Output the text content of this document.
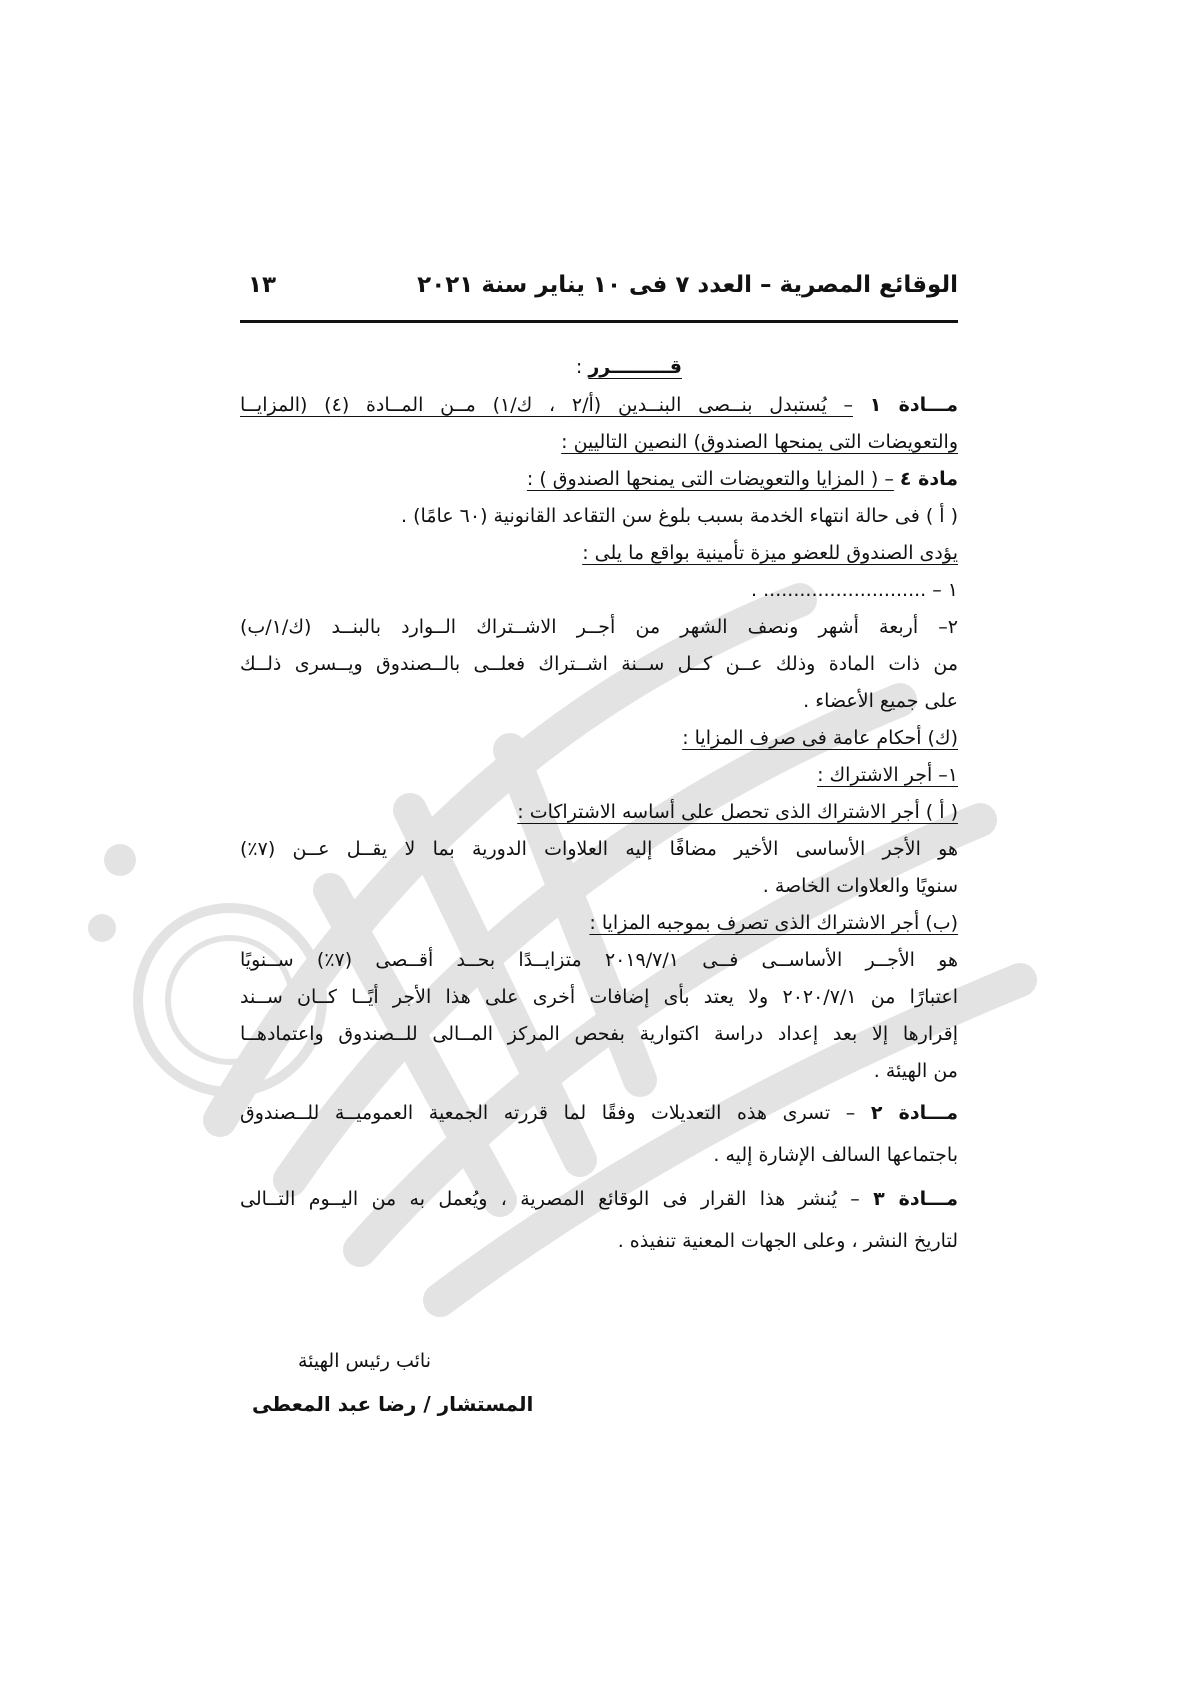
الوقائع المصرية – العدد ٧ فى ١٠ يناير سنة ٢٠٢١
١٣
قـــــــــرر :
مـــادة ١ – يُستبدل بنــصى البنــدين (أ/٢ ، ك/١) مــن المــادة (٤) (المزايــا
والتعويضات التى يمنحها الصندوق) النصين التاليين :
مادة ٤ – ( المزايا والتعويضات التى يمنحها الصندوق ) :
( أ ) فى حالة انتهاء الخدمة بسبب بلوغ سن التقاعد القانونية (٦٠ عامًا) .
يؤدى الصندوق للعضو ميزة تأمينية بواقع ما يلى :
١ – ........................... .
٢– أربعة أشهر ونصف الشهر من أجــر الاشــتراك الــوارد بالبنــد (ك/١/ب)
من ذات المادة وذلك عــن كــل ســنة اشــتراك فعلــى بالــصندوق ويــسرى ذلــك
على جميع الأعضاء .
(ك) أحكام عامة فى صرف المزايا :
١– أجر الاشتراك :
( أ ) أجر الاشتراك الذى تحصل على أساسه الاشتراكات :
هو الأجر الأساسى الأخير مضافًا إليه العلاوات الدورية بما لا يقــل عــن (٧٪)
سنويًا والعلاوات الخاصة .
(ب) أجر الاشتراك الذى تصرف بموجبه المزايا :
هو الأجــر الأساســى فــى ٢٠١٩/٧/١ متزايــدًا بحــد أقــصى (٧٪) ســنويًا
اعتبارًا من ٢٠٢٠/٧/١ ولا يعتد بأى إضافات أخرى على هذا الأجر أيًــا كــان ســند
إقرارها إلا بعد إعداد دراسة اكتوارية بفحص المركز المــالى للــصندوق واعتمادهــا
من الهيئة .
مـــادة ٢ – تسرى هذه التعديلات وفقًا لما قررته الجمعية العموميــة للــصندوق
باجتماعها السالف الإشارة إليه .
مـــادة ٣ – يُنشر هذا القرار فى الوقائع المصرية ، ويُعمل به من اليــوم التــالى
لتاريخ النشر ، وعلى الجهات المعنية تنفيذه .
نائب رئيس الهيئة
المستشار / رضا عبد المعطى
